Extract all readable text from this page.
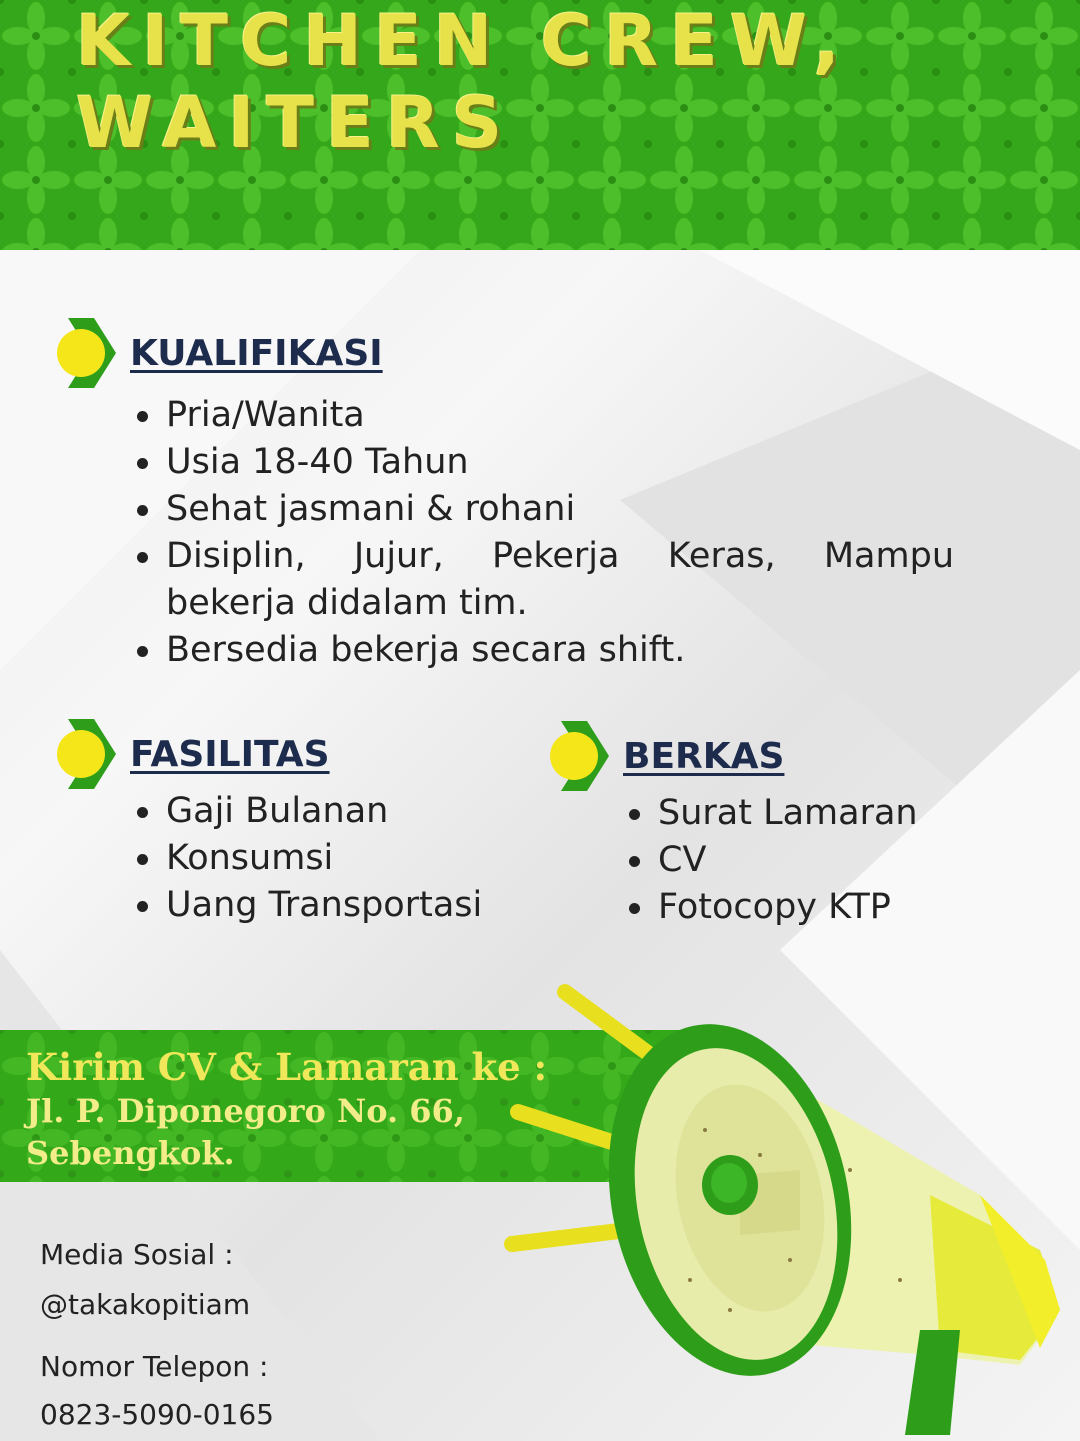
KITCHEN CREW,
WAITERS
KUALIFIKASI
Pria/Wanita
Usia 18-40 Tahun
Sehat jasmani & rohani
Disiplin, Jujur, Pekerja Keras, Mampu
bekerja didalam tim.
Bersedia bekerja secara shift.
FASILITAS
Gaji Bulanan
Konsumsi
Uang Transportasi
BERKAS
Surat Lamaran
CV
Fotocopy KTP
Kirim CV & Lamaran ke :
Jl. P. Diponegoro No. 66,
Sebengkok.
Media Sosial :
@takakopitiam
Nomor Telepon :
0823-5090-0165
